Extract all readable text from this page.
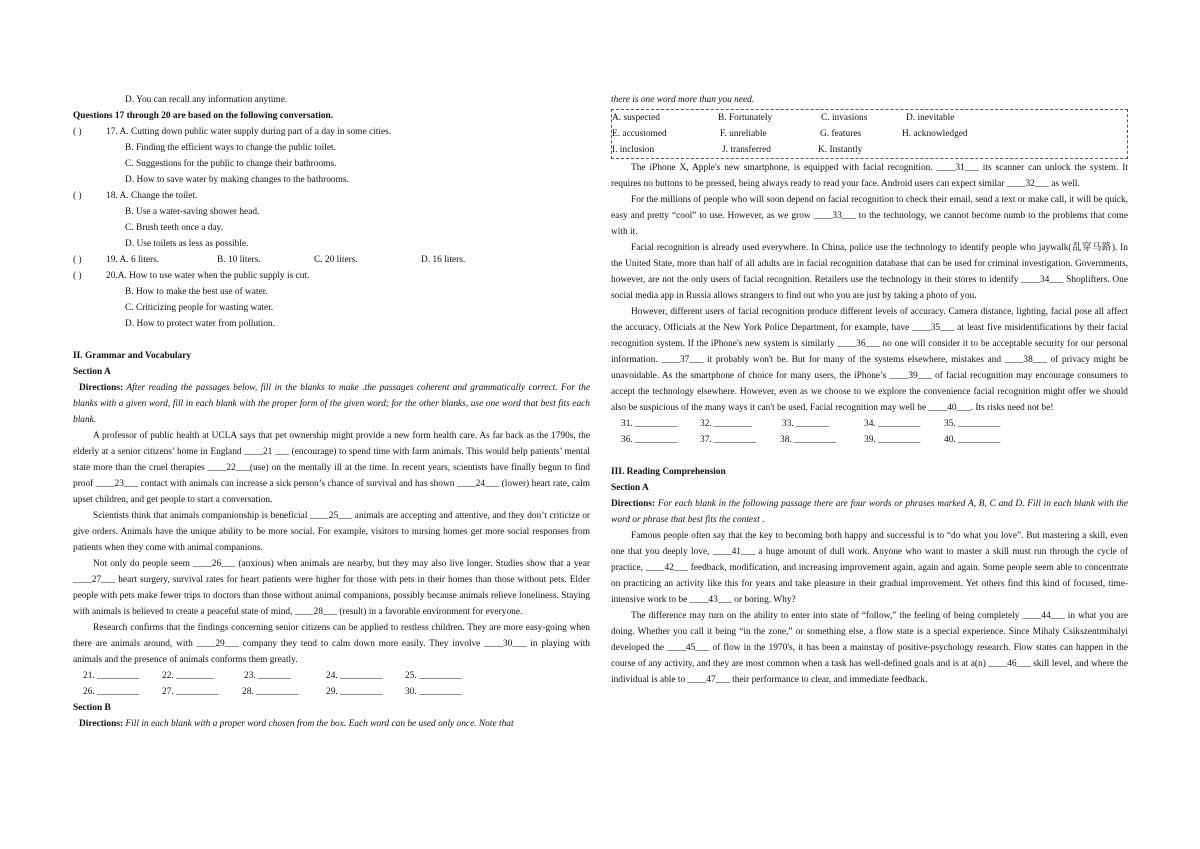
D. You can recall any information anytime.

Questions 17 through 20 are based on the following conversation.

( )	17. A. Cutting down public water supply during part of a day in some cities.

B. Finding the efficient ways to change the public toilet.

C. Suggestions for the public to change their bathrooms.

D. How to save water by making changes to the bathrooms.

( )	18. A. Change the toilet.

B. Use a water-saving shower head.

C. Brush teeth once a day.

D. Use toilets as less as possible.

( )	19. A. 6 liters.	B. 10 liters.	C. 20 liters.	D. 16 liters.

( )	20.A. How to use water when the public supply is cut.

B. How to make the best use of water.

C. Criticizing people for wasting water.

D. How to protect water from pollution.

II. Grammar and Vocabulary

Section A

Directions: After reading the passages below, fill in the blanks to make .the passages coherent and grammatically correct. For the blanks with a given word, fill in each blank with the proper form of the given word; for the other blanks, use one word that best fits each blank.

A professor of public health at UCLA says that pet ownership might provide a new form health care. As far back as the 1790s, the elderly at a senior citizens’ home in England ____21 ___ (encourage) to spend time with farm animals. This would help patients’ mental state more than the cruel therapies ____22___(use) on the mentally ill at the time. In recent years, scientists have finally begun to find proof ____23___ contact with animals can increase a sick person’s chance of survival and has shown ____24___ (lower) heart rate, calm upset children, and get people to start a conversation.

Scientists think that animals companionship is beneficial ____25___ animals are accepting and attentive, and they don’t criticize or give orders. Animals have the unique ability to be more social. For example, visitors to nursing homes get more social responses from patients when they come with animal companions.

Not only do people seem ____26___ (anxious) when animals are nearby, but they may also live longer. Studies show that a year ____27___ heart surgery, survival rates for heart patients were higher for those with pets in their homes than those without pets. Elder people with pets make fewer trips to doctors than those without animal companions, possibly because animals relieve loneliness. Staying with animals is believed to create a peaceful state of mind, ____28___ (result) in a favorable environment for everyone.

Research confirms that the findings concerning senior citizens can be applied to restless children. They are more easy-going when there are animals around, with ____29___ company they tend to calm down more easily. They involve ____30___ in playing with animals and the presence of animals conforms them greatly.

21. _________ 22. ________	23. _______	24. _________ 25. _________
26. _________ 27. _________	28. _________	29. _________ 30. _________

Section B

Directions: Fill in each blank with a proper word chosen from the box. Each word can be used only once. Note that

there is one word more than you need.

A. suspected	B. Fortunately	C. invasions	D. inevitable
E. accustomed	F. unreliable	G. features	H. acknowledged
I. inclusion	J. transferred	K. Instantly

The iPhone X, Apple's new smartphone, is equipped with facial recognition. ____31___ its scanner can unlock the system. It requires no buttons to be pressed, being always ready to read your face. Android users can expect similar ____32___ as well.

For the millions of people who will soon depend on facial recognition to check their email, send a text or make call, it will be quick, easy and pretty “cool” to use. However, as we grow ____33___ to the technology, we cannot become numb to the problems that come with it.

Facial recognition is already used everywhere. In China, police use the technology to identify people who jaywalk(乱穿马路). In the United State, more than half of all adults are in facial recognition database that can be used for criminal investigation. Governments, however, are not the only users of facial recognition. Retailers use the technology in their stores to identify ____34___ Shoplifters. One social media app in Russia allows strangers to find out who you are just by taking a photo of you.

However, different users of facial recognition produce different levels of accuracy. Camera distance, lighting, facial pose all affect the accuracy. Officials at the New York Police Department, for example, have ____35___ at least five misidentifications by their facial recognition system. If the iPhone's new system is similarly ____36___ no one will consider it to be acceptable security for our personal information. ____37___ it probably won't be. But for many of the systems elsewhere, mistakes and ____38___ of privacy might be unavoidable. As the smartphone of choice for many users, the iPhone’s ____39___ of facial recognition may encourage consumers to accept the technology elsewhere. However, even as we choose to we explore the convenience facial recognition might offer we should also be suspicious of the many ways it can't be used. Facial recognition may well be ____40___. Its risks need not be!

31. _________ 32. ________	33. _______	34. _________	35. _________
36. _________ 37. _________	38. _________	39. _________	40. _________

III. Reading Comprehension

Section A

Directions: For each blank in the following passage there are four words or phrases marked A, B, C and D. Fill in each blank with the word or phrase that best fits the context .

Famous people often say that the key to becoming both happy and successful is to “do what you love”. But mastering a skill, even one that you deeply love, ____41___ a huge amount of dull work. Anyone who want to master a skill must run through the cycle of practice, ____42___ feedback, modification, and increasing improvement again, again and again. Some people seem able to concentrate on practicing an activity like this for years and take pleasure in their gradual improvement. Yet others find this kind of focused, time-intensive work to be ____43___ or boring. Why?

The difference may turn on the ability to enter into state of “follow,” the feeling of being completely ____44___ in what you are doing. Whether you call it being “in the zone,” or something else, a flow state is a special experience. Since Mihaly Csikszentmihalyi developed the ____45___ of flow in the 1970's, it has been a mainstay of positive-psychology research. Flow states can happen in the course of any activity, and they are most common when a task has well-defined goals and is at a(n) ____46___ skill level, and where the individual is able to ____47___ their performance to clear, and immediate feedback.
